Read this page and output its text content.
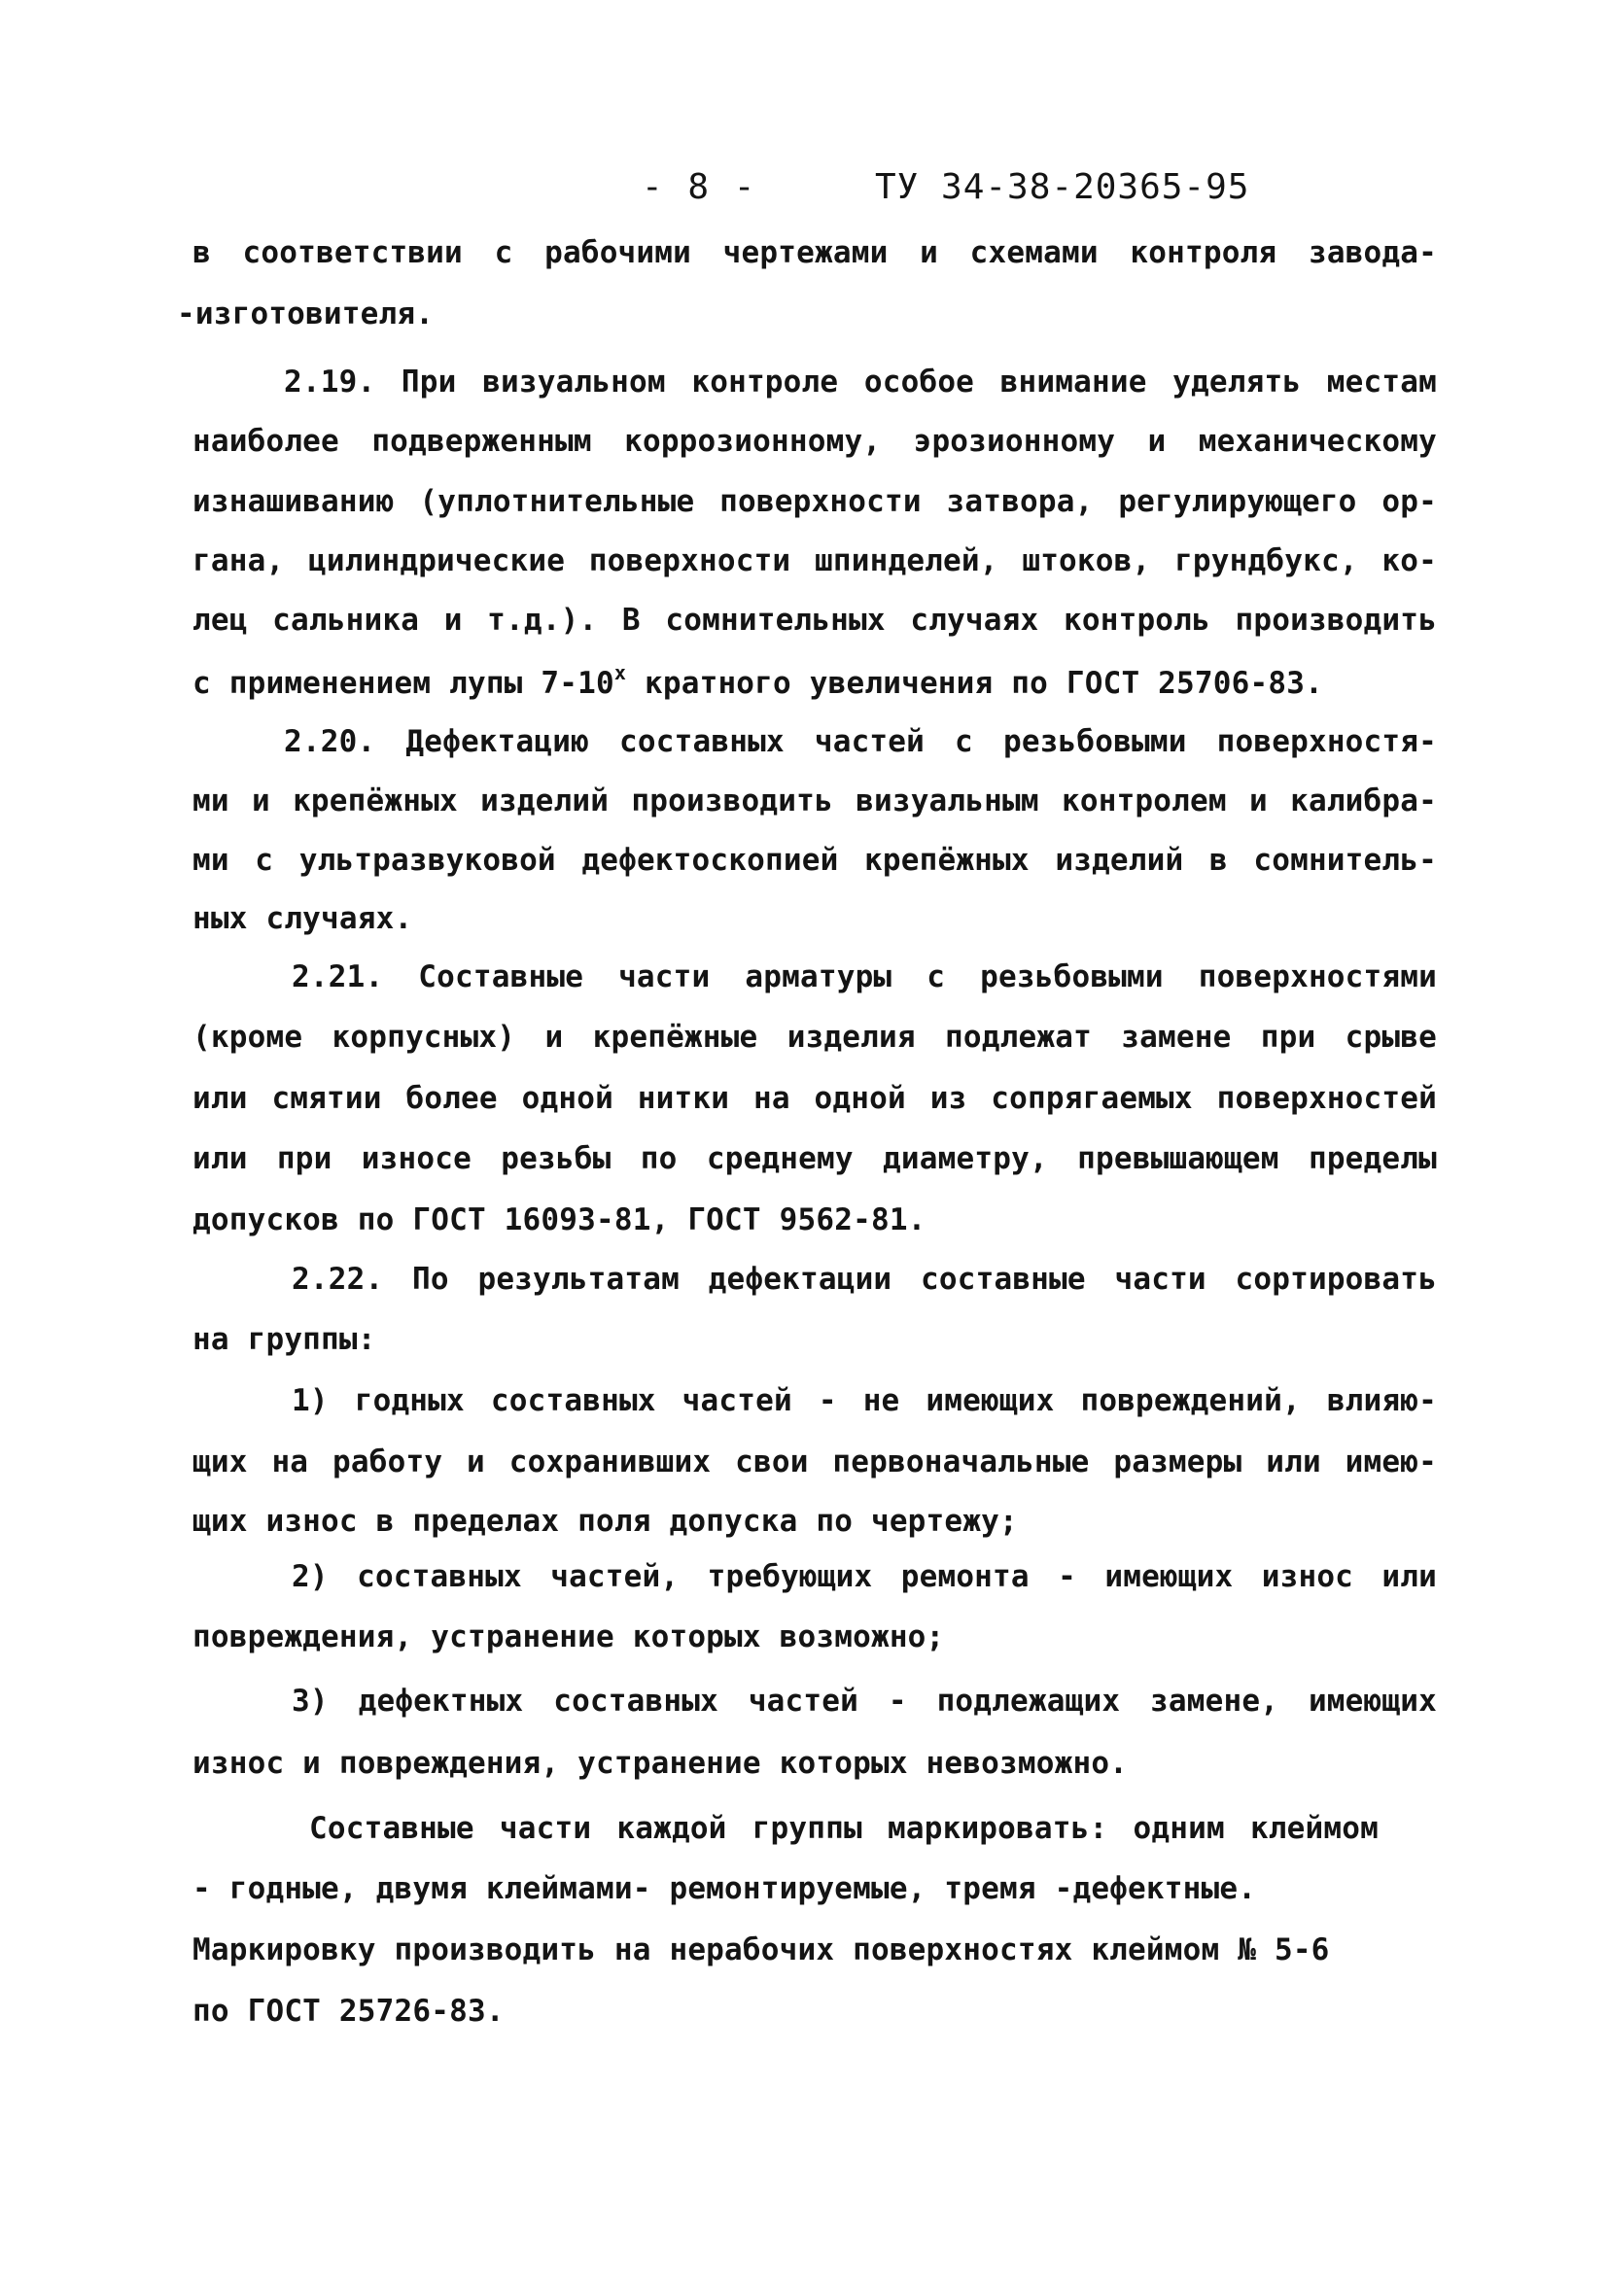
- 8 -	ТУ 34-38-20365-95
в соответствии с рабочими чертежами и схемами контроля завода-
-изготовителя.
2.19. При визуальном контроле особое внимание уделять местам
наиболее подверженным коррозионному, эрозионному и механическому
изнашиванию (уплотнительные поверхности затвора, регулирующего ор-
гана, цилиндрические поверхности шпинделей, штоков, грундбукс, ко-
лец сальника и т.д.). В сомнительных случаях контроль производить
с применением лупы $7-10^х$ кратного увеличения по ГОСТ 25706-83.
2.20. Дефектацию составных частей с резьбовыми поверхностя-
ми и крепёжных изделий производить визуальным контролем и калибра-
ми с ультразвуковой дефектоскопией крепёжных изделий в сомнитель-
ных случаях.
2.21. Составные части арматуры с резьбовыми поверхностями
(кроме корпусных) и крепёжные изделия подлежат замене при срыве
или смятии более одной нитки на одной из сопрягаемых поверхностей
или при износе резьбы по среднему диаметру, превышающем пределы
допусков по ГОСТ 16093-81, ГОСТ 9562-81.
2.22. По результатам дефектации составные части сортировать
на группы:
1) годных составных частей - не имеющих повреждений, влияю-
щих на работу и сохранивших свои первоначальные размеры или имею-
щих износ в пределах поля допуска по чертежу;
2) составных частей, требующих ремонта - имеющих износ или
повреждения, устранение которых возможно;
3) дефектных составных частей - подлежащих замене, имеющих
износ и повреждения, устранение которых невозможно.
Составные части каждой группы маркировать: одним клеймом
- годные, двумя клеймами- ремонтируемые, тремя -дефектные.
Маркировку производить на нерабочих поверхностях клеймом № 5-6
по ГОСТ 25726-83.
